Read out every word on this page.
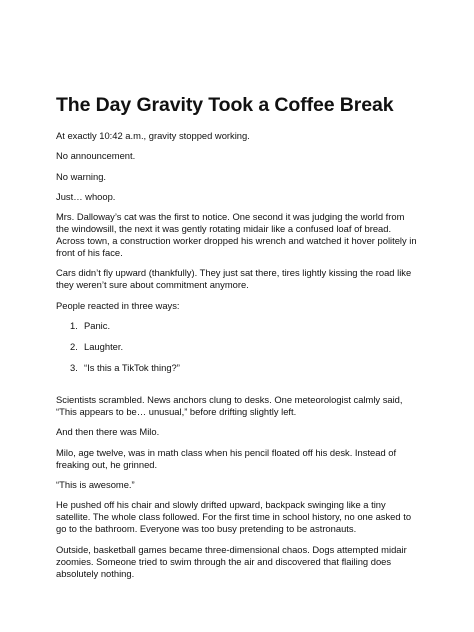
The Day Gravity Took a Coffee Break

At exactly 10:42 a.m., gravity stopped working.

No announcement.

No warning.

Just… whoop.

Mrs. Dalloway’s cat was the first to notice. One second it was judging the world from the windowsill, the next it was gently rotating midair like a confused loaf of bread. Across town, a construction worker dropped his wrench and watched it hover politely in front of his face.

Cars didn’t fly upward (thankfully). They just sat there, tires lightly kissing the road like they weren’t sure about commitment anymore.

People reacted in three ways:

1. Panic.
2. Laughter.
3. “Is this a TikTok thing?”

Scientists scrambled. News anchors clung to desks. One meteorologist calmly said, “This appears to be… unusual,” before drifting slightly left.

And then there was Milo.

Milo, age twelve, was in math class when his pencil floated off his desk. Instead of freaking out, he grinned.

“This is awesome.”

He pushed off his chair and slowly drifted upward, backpack swinging like a tiny satellite. The whole class followed. For the first time in school history, no one asked to go to the bathroom. Everyone was too busy pretending to be astronauts.

Outside, basketball games became three-dimensional chaos. Dogs attempted midair zoomies. Someone tried to swim through the air and discovered that flailing does absolutely nothing.
